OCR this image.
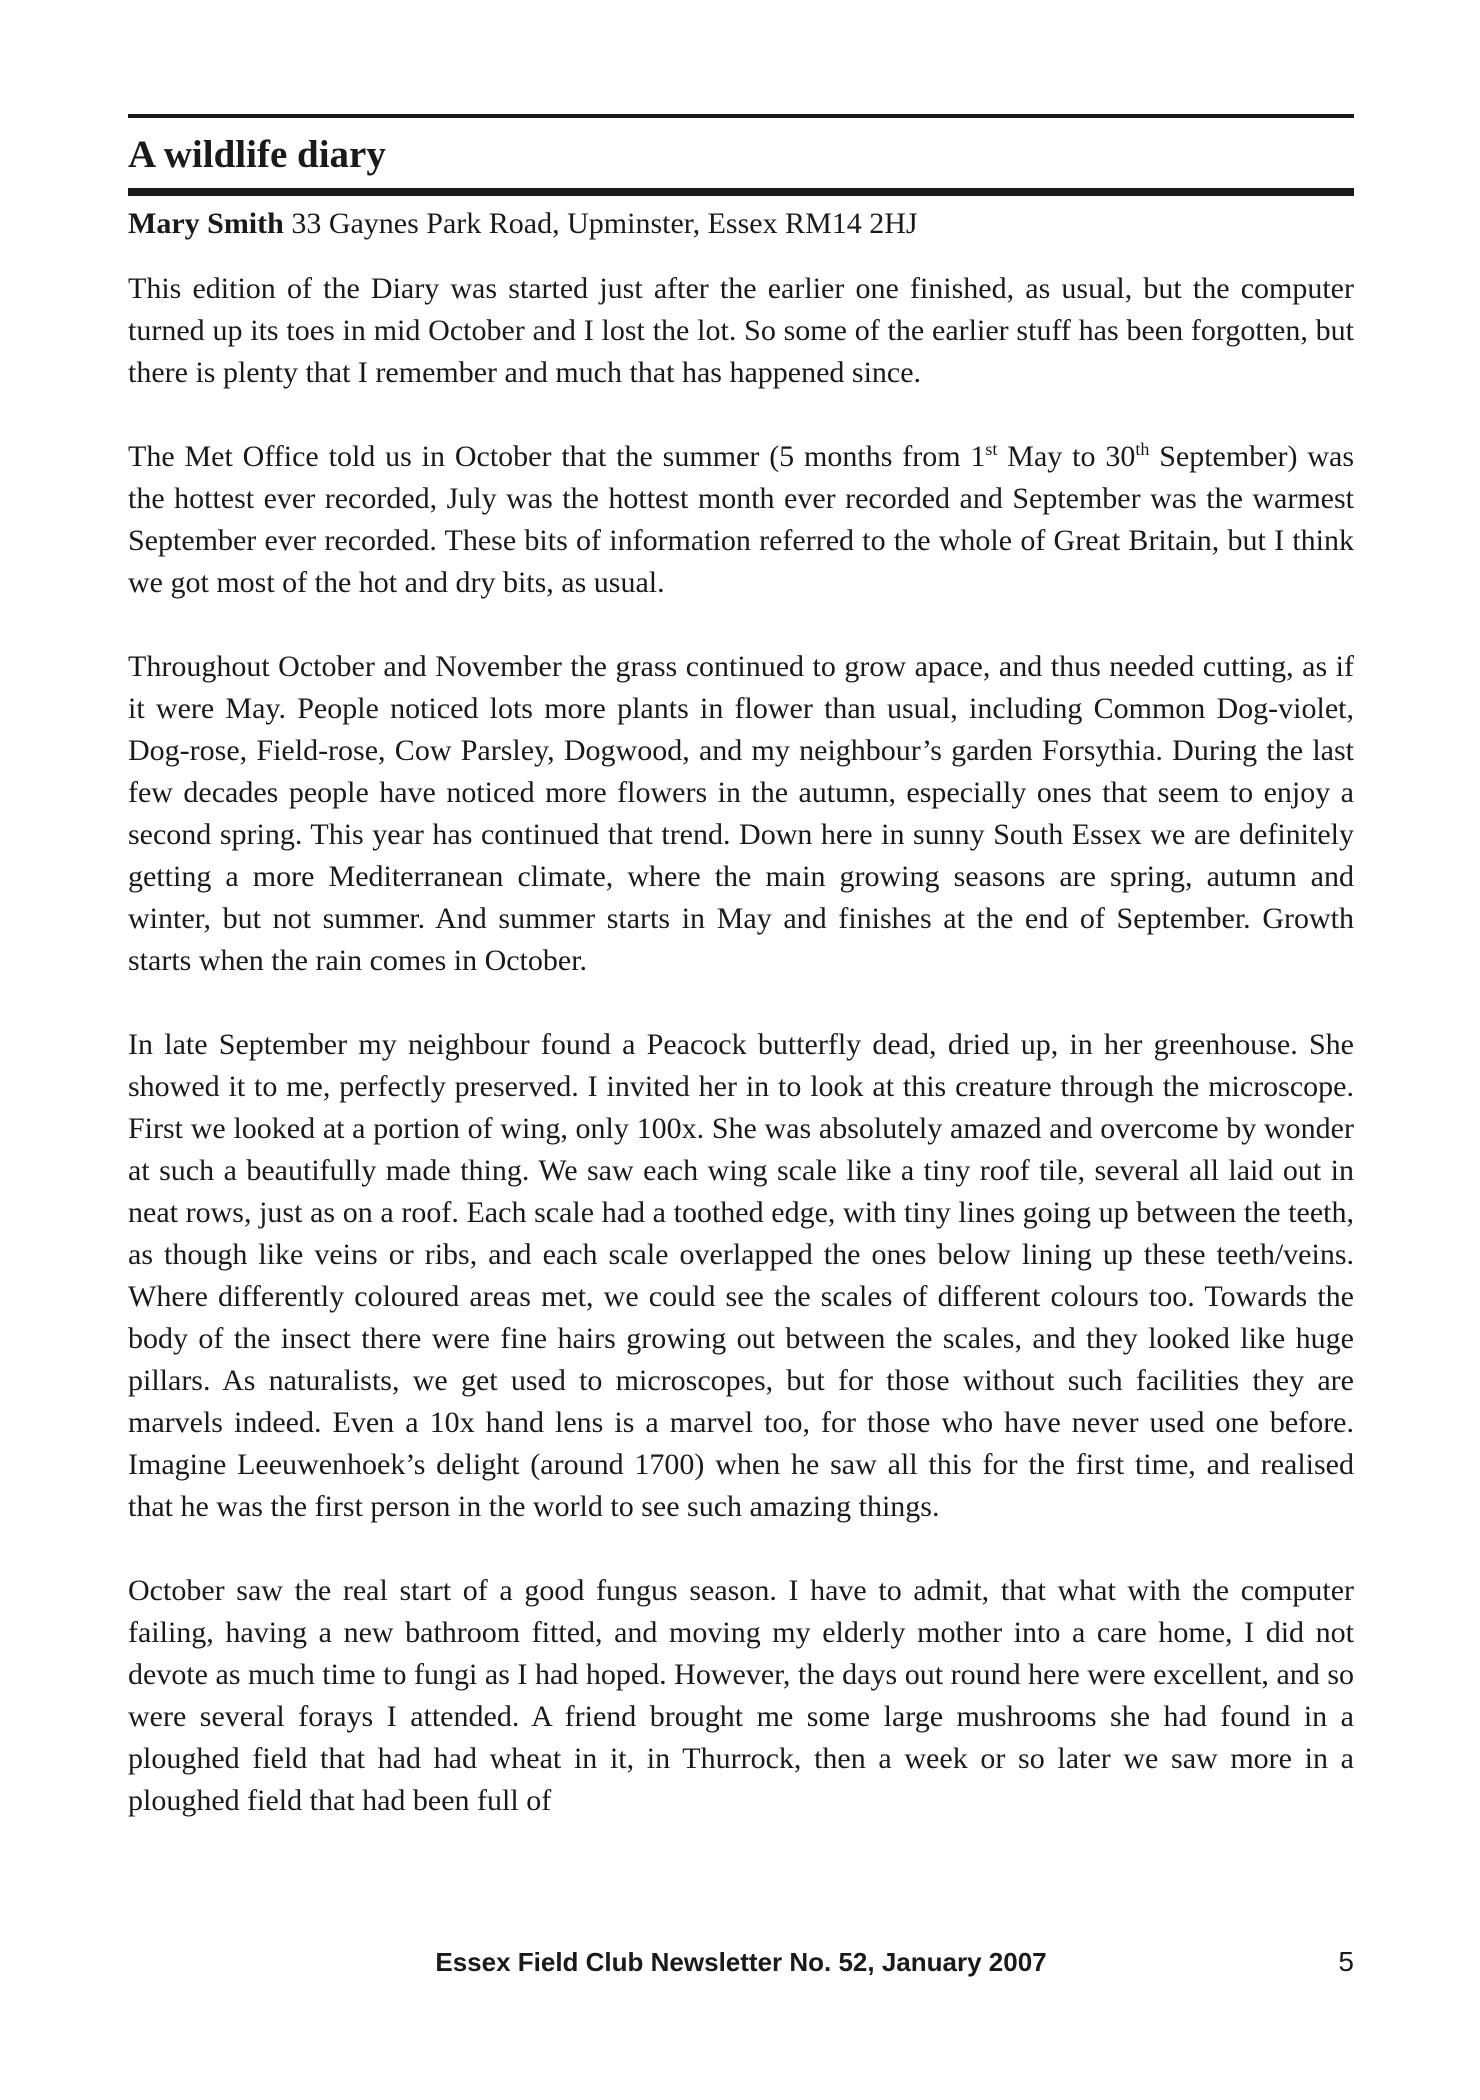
A wildlife diary
Mary Smith 33 Gaynes Park Road, Upminster, Essex RM14 2HJ

This edition of the Diary was started just after the earlier one finished, as usual, but the computer turned up its toes in mid October and I lost the lot. So some of the earlier stuff has been forgotten, but there is plenty that I remember and much that has happened since.

The Met Office told us in October that the summer (5 months from 1st May to 30th September) was the hottest ever recorded, July was the hottest month ever recorded and September was the warmest September ever recorded. These bits of information referred to the whole of Great Britain, but I think we got most of the hot and dry bits, as usual.

Throughout October and November the grass continued to grow apace, and thus needed cutting, as if it were May. People noticed lots more plants in flower than usual, including Common Dog-violet, Dog-rose, Field-rose, Cow Parsley, Dogwood, and my neighbour’s garden Forsythia. During the last few decades people have noticed more flowers in the autumn, especially ones that seem to enjoy a second spring. This year has continued that trend. Down here in sunny South Essex we are definitely getting a more Mediterranean climate, where the main growing seasons are spring, autumn and winter, but not summer. And summer starts in May and finishes at the end of September. Growth starts when the rain comes in October.

In late September my neighbour found a Peacock butterfly dead, dried up, in her greenhouse. She showed it to me, perfectly preserved. I invited her in to look at this creature through the microscope. First we looked at a portion of wing, only 100x. She was absolutely amazed and overcome by wonder at such a beautifully made thing. We saw each wing scale like a tiny roof tile, several all laid out in neat rows, just as on a roof. Each scale had a toothed edge, with tiny lines going up between the teeth, as though like veins or ribs, and each scale overlapped the ones below lining up these teeth/veins. Where differently coloured areas met, we could see the scales of different colours too. Towards the body of the insect there were fine hairs growing out between the scales, and they looked like huge pillars. As naturalists, we get used to microscopes, but for those without such facilities they are marvels indeed. Even a 10x hand lens is a marvel too, for those who have never used one before. Imagine Leeuwenhoek’s delight (around 1700) when he saw all this for the first time, and realised that he was the first person in the world to see such amazing things.

October saw the real start of a good fungus season. I have to admit, that what with the computer failing, having a new bathroom fitted, and moving my elderly mother into a care home, I did not devote as much time to fungi as I had hoped. However, the days out round here were excellent, and so were several forays I attended. A friend brought me some large mushrooms she had found in a ploughed field that had had wheat in it, in Thurrock, then a week or so later we saw more in a ploughed field that had been full of

Essex Field Club Newsletter No. 52, January 2007	5
